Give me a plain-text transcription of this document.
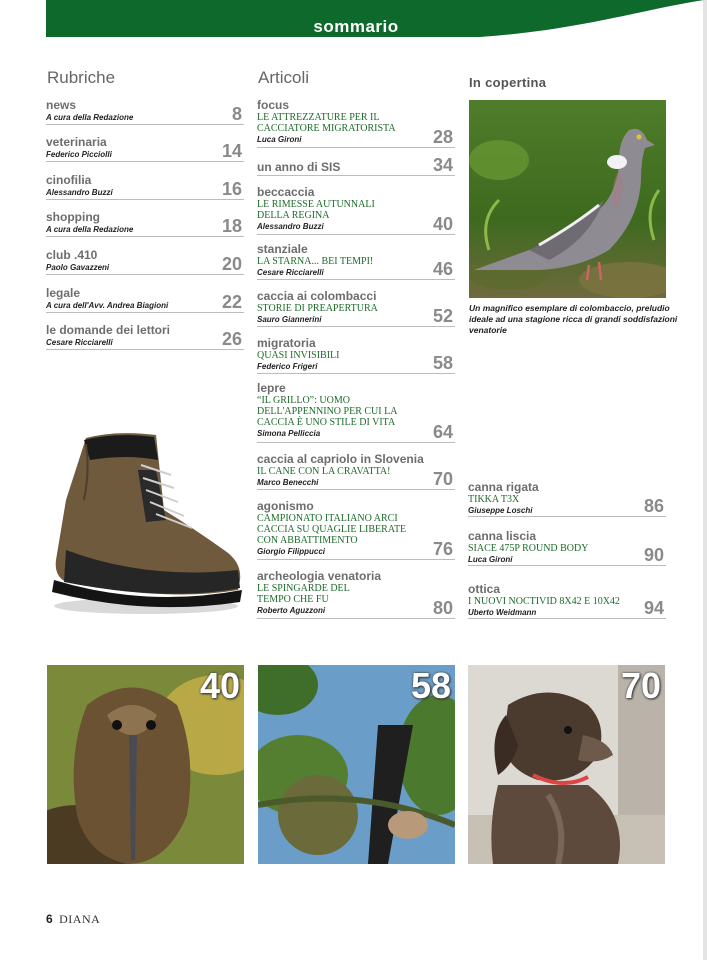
sommario
Rubriche	Articoli	In copertina
news
A cura della Redazione	8
veterinaria
Federico Picciolli	14
cinofilia
Alessandro Buzzi	16
shopping
A cura della Redazione	18
club .410
Paolo Gavazzeni	20
legale
A cura dell'Avv. Andrea Biagioni	22
le domande dei lettori
Cesare Ricciarelli	26
focus
LE ATTREZZATURE PER IL CACCIATORE MIGRATORISTA
Luca Gironi	28
un anno di SIS	34
beccaccia
LE RIMESSE AUTUNNALI DELLA REGINA
Alessandro Buzzi	40
stanziale
LA STARNA... BEI TEMPI!
Cesare Ricciarelli	46
caccia ai colombacci
STORIE DI PREAPERTURA
Sauro Giannerini	52
migratoria
QUASI INVISIBILI
Federico Frigeri	58
lepre
“IL GRILLO”: UOMO DELL'APPENNINO PER CUI LA CACCIA È UNO STILE DI VITA
Simona Pelliccia	64
caccia al capriolo in Slovenia
IL CANE CON LA CRAVATTA!
Marco Benecchi	70
agonismo
CAMPIONATO ITALIANO ARCI CACCIA SU QUAGLIE LIBERATE CON ABBATTIMENTO
Giorgio Filippucci	76
archeologia venatoria
LE SPINGARDE DEL TEMPO CHE FU
Roberto Aguzzoni	80
Un magnifico esemplare di colombaccio, preludio ideale ad una stagione ricca di grandi soddisfazioni venatorie
canna rigata
TIKKA T3X
Giuseppe Loschi	86
canna liscia
SIACE 475P ROUND BODY
Luca Gironi	90
ottica
I NUOVI NOCTIVID 8X42 E 10X42
Uberto Weidmann	94
40	58	70
6 DIANA
